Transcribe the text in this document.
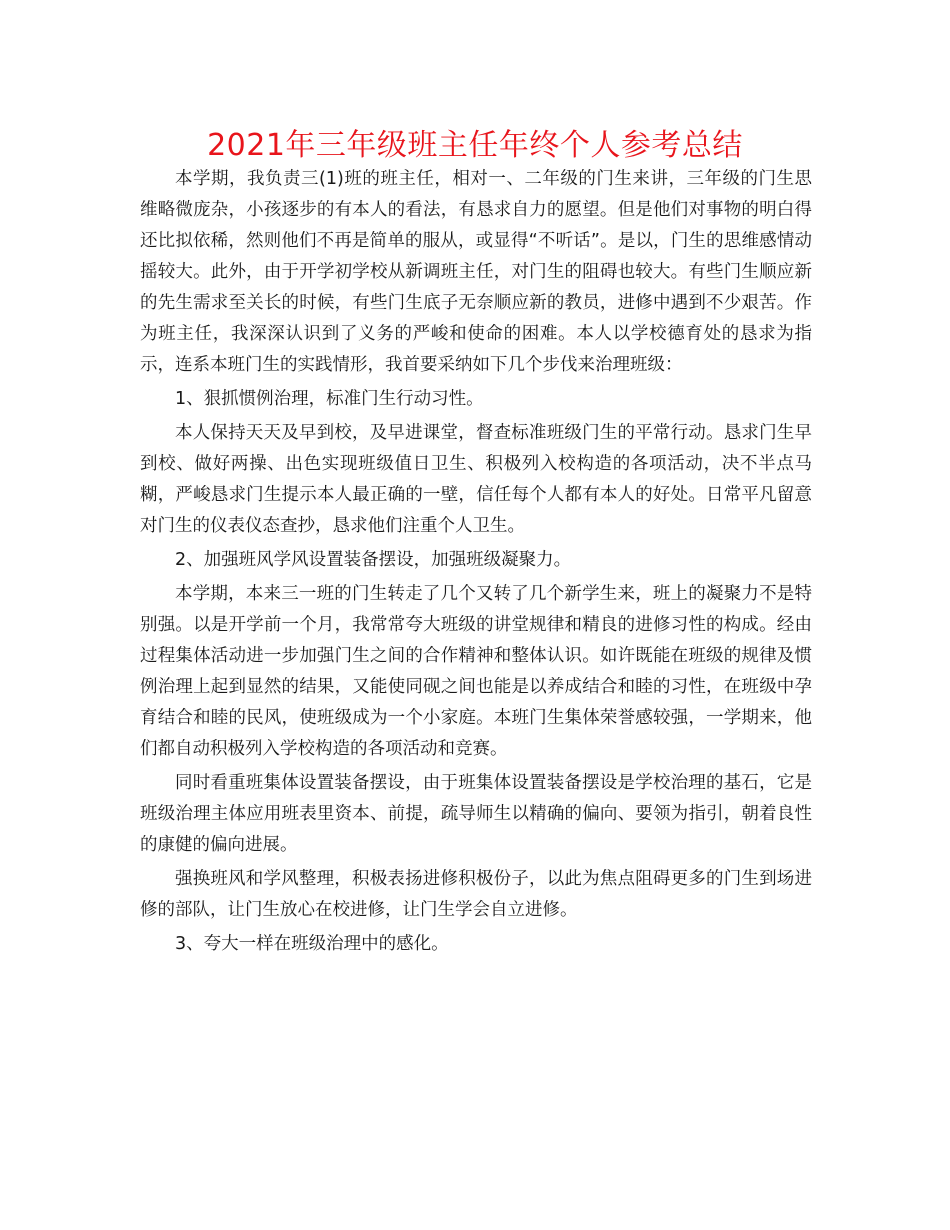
2021年三年级班主任年终个人参考总结

本学期，我负责三(1)班的班主任，相对一、二年级的门生来讲，三年级的门生思维略微庞杂，小孩逐步的有本人的看法，有恳求自力的愿望。但是他们对事物的明白得还比拟依稀，然则他们不再是简单的服从，或显得“不听话”。是以，门生的思维感情动摇较大。此外，由于开学初学校从新调班主任，对门生的阻碍也较大。有些门生顺应新的先生需求至关长的时候，有些门生底子无奈顺应新的教员，进修中遇到不少艰苦。作为班主任，我深深认识到了义务的严峻和使命的困难。本人以学校德育处的恳求为指示，连系本班门生的实践情形，我首要采纳如下几个步伐来治理班级：

1、狠抓惯例治理，标准门生行动习性。

本人保持天天及早到校，及早进课堂，督查标准班级门生的平常行动。恳求门生早到校、做好两操、出色实现班级值日卫生、积极列入校构造的各项活动，决不半点马糊，严峻恳求门生提示本人最正确的一壁，信任每个人都有本人的好处。日常平凡留意对门生的仪表仪态查抄，恳求他们注重个人卫生。

2、加强班风学风设置装备摆设，加强班级凝聚力。

本学期，本来三一班的门生转走了几个又转了几个新学生来，班上的凝聚力不是特别强。以是开学前一个月，我常常夸大班级的讲堂规律和精良的进修习性的构成。经由过程集体活动进一步加强门生之间的合作精神和整体认识。如许既能在班级的规律及惯例治理上起到显然的结果，又能使同砚之间也能是以养成结合和睦的习性，在班级中孕育结合和睦的民风，使班级成为一个小家庭。本班门生集体荣誉感较强，一学期来，他们都自动积极列入学校构造的各项活动和竞赛。

同时看重班集体设置装备摆设，由于班集体设置装备摆设是学校治理的基石，它是班级治理主体应用班表里资本、前提，疏导师生以精确的偏向、要领为指引，朝着良性的康健的偏向进展。

强换班风和学风整理，积极表扬进修积极份子，以此为焦点阻碍更多的门生到场进修的部队，让门生放心在校进修，让门生学会自立进修。

3、夸大一样在班级治理中的感化。
